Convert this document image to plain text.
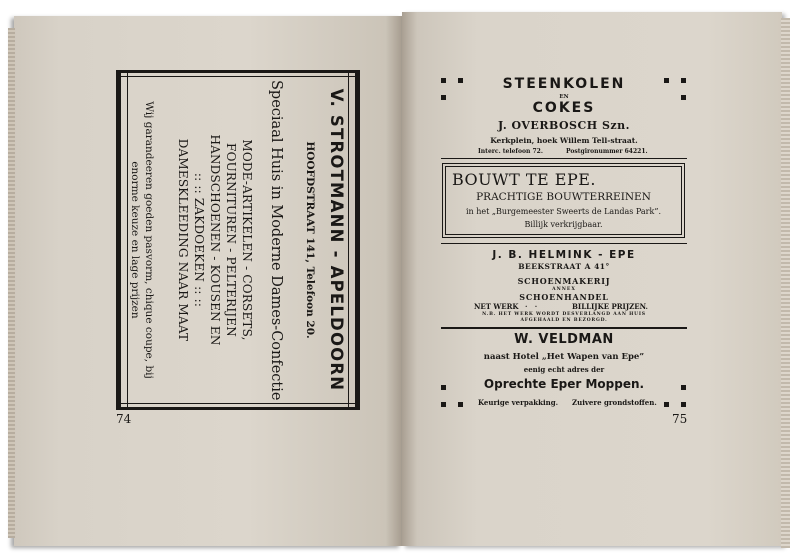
V. STROTMANN - APELDOORN
HOOFDSTRAAT 141, Telefoon 20.
Speciaal Huis in Moderne Dames-Confectie
MODE-ARTIKELEN - CORSETS,
FOURNITUREN - PELTERIJEN
HANDSCHOENEN - KOUSEN EN
:: :: ZAKDOEKEN :: ::
DAMESKLEEDING NAAR MAAT
Wij garandeeren goeden pasvorm, chique coupe, bij
enorme keuze en lage prijzen
74
STEENKOLEN
EN
COKES
J. OVERBOSCH Szn.
Kerkplein, hoek Willem Tell-straat.
Interc. telefoon 72.	Postgironummer 64221.
BOUWT TE EPE.
PRACHTIGE BOUWTERREINEN
in het „Burgemeester Sweerts de Landas Park”.
Billijk verkrijgbaar.
J. B. HELMINK - EPE
BEEKSTRAAT A 41°
SCHOENMAKERIJ
ANNEX
SCHOENHANDEL
NET WERK ·   ·	BILLIJKE PRIJZEN.
N.B. HET WERK WORDT DESVERLANGD AAN HUIS
AFGEHAALD EN BEZORGD.
W. VELDMAN
naast Hotel „Het Wapen van Epe”
eenig echt adres der
Oprechte Eper Moppen.
Keurige verpakking. Zuivere grondstoffen.
75
